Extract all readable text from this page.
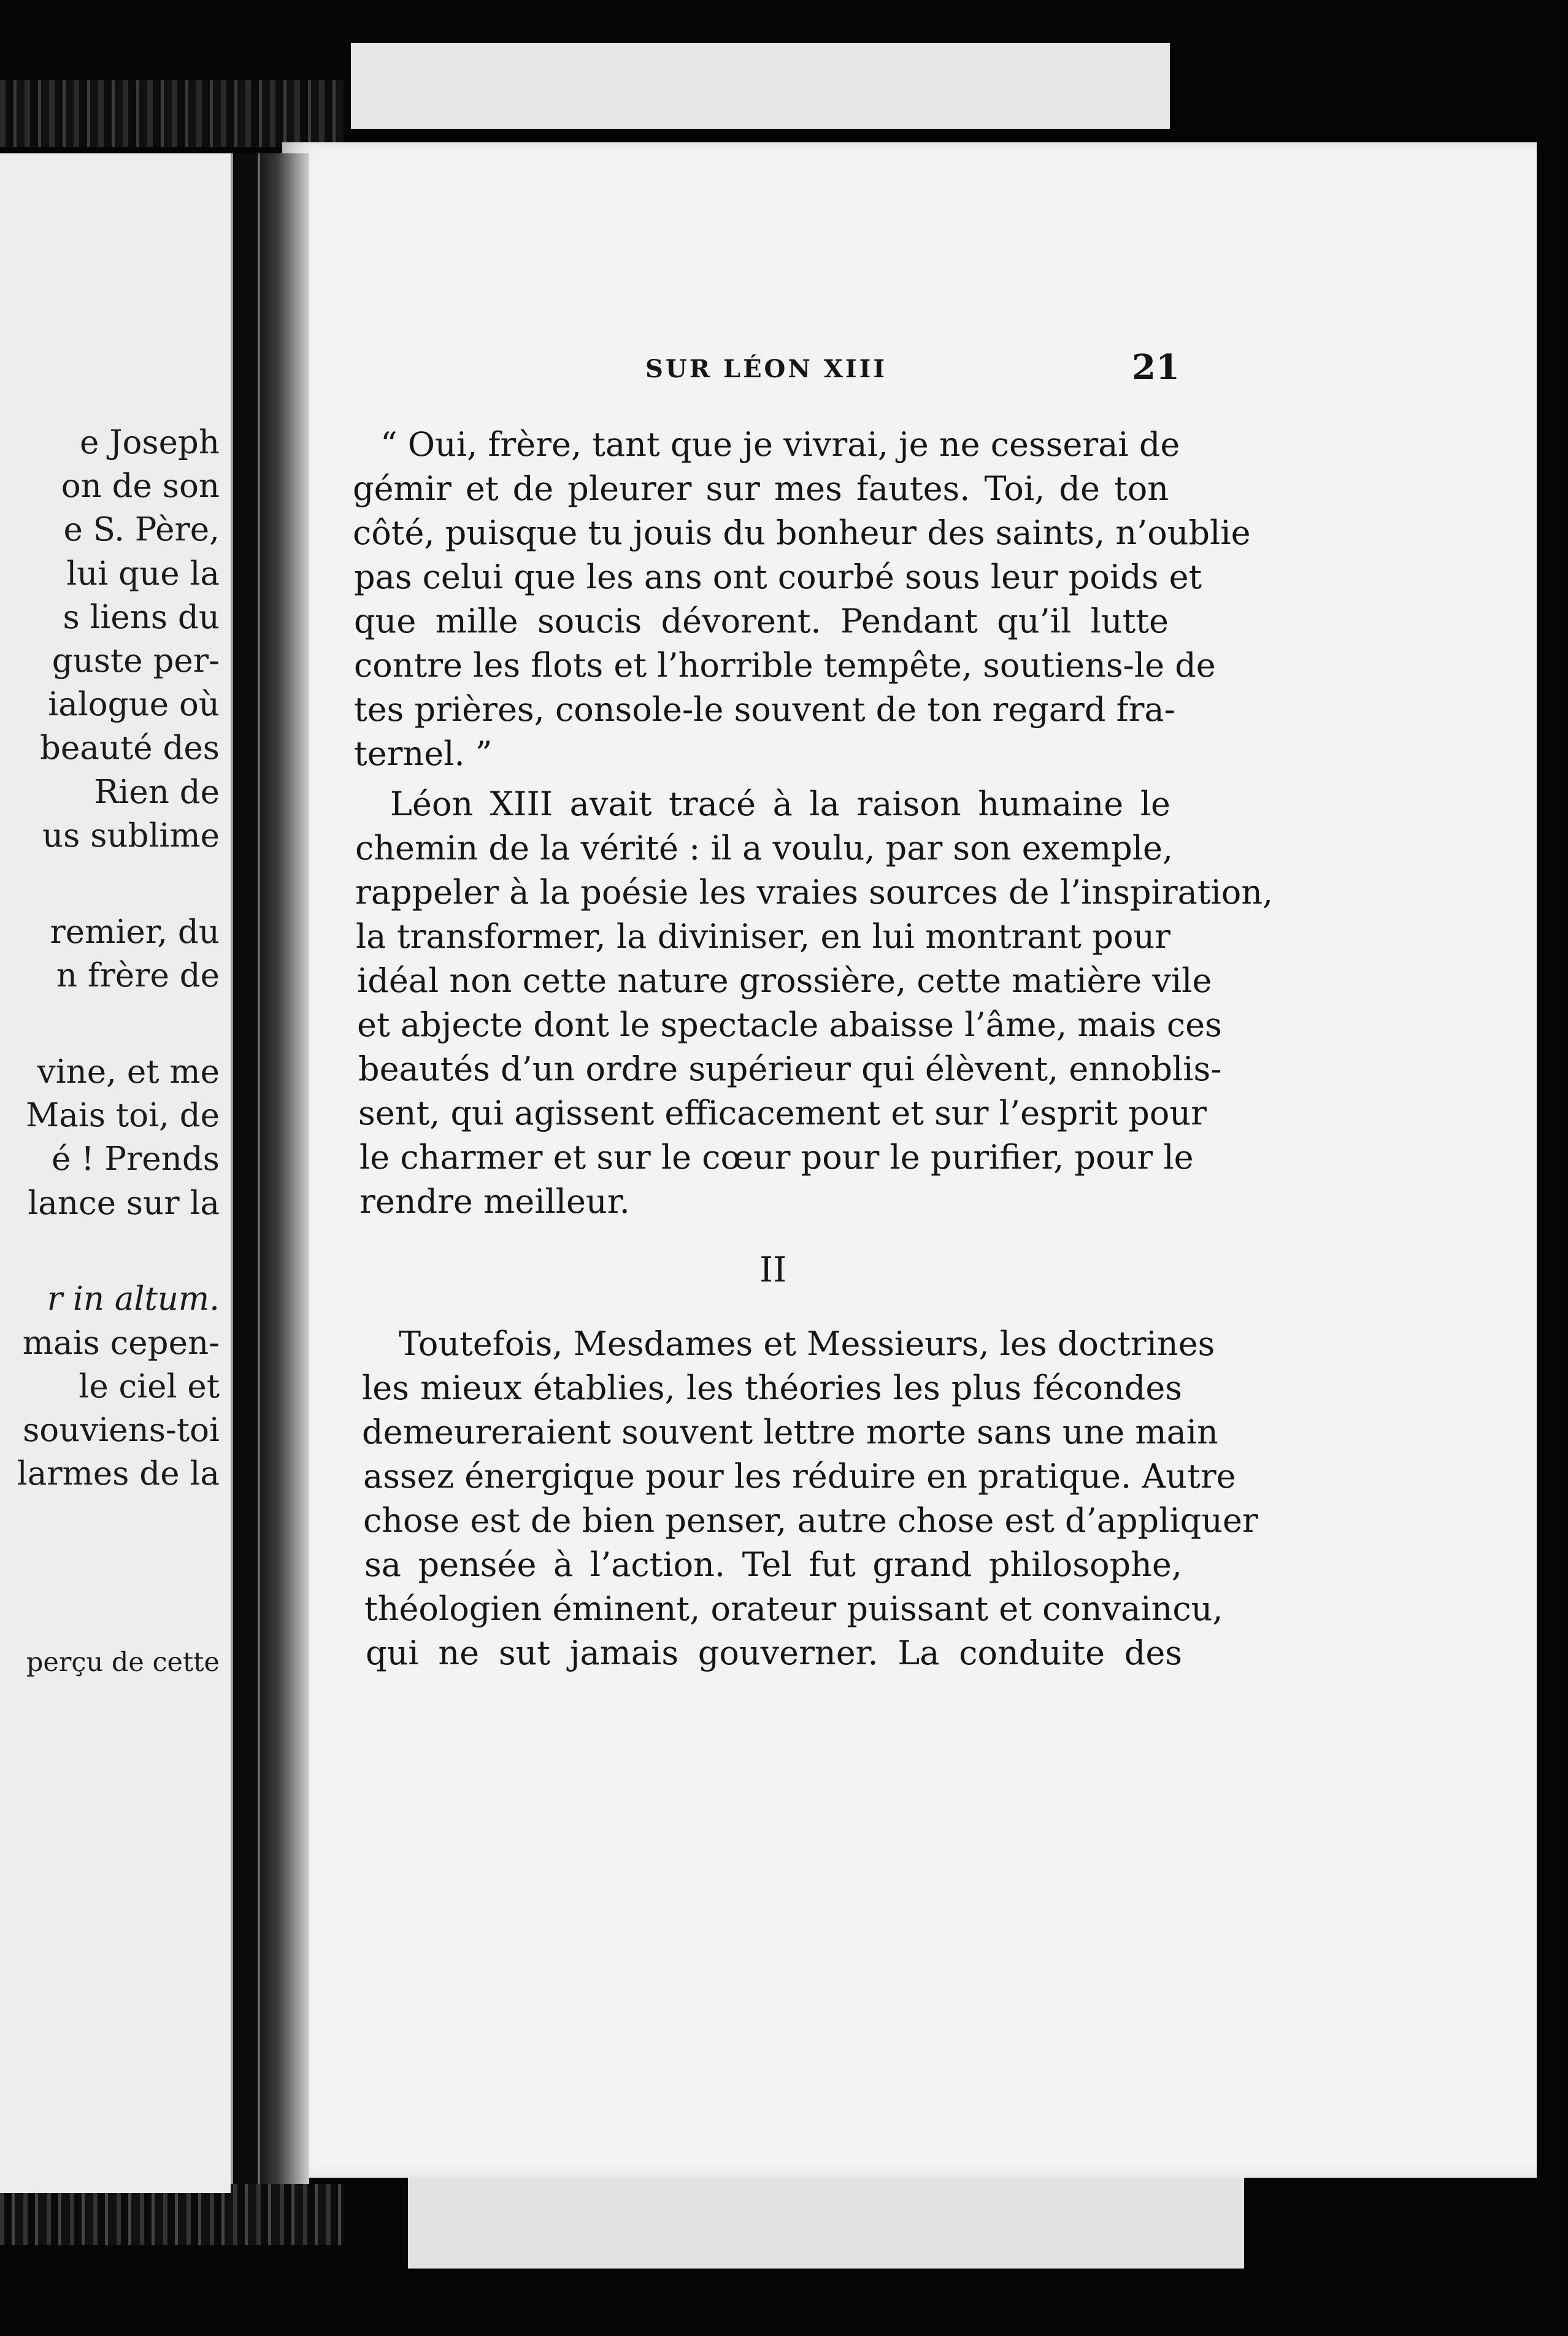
e Joseph
on de son
e S. Père,
lui que la
s liens du
guste per-
ialogue où
beauté des
Rien de
us sublime
remier, du
n frère de
vine, et me
Mais toi, de
é ! Prends
lance sur la
r in altum.
mais cepen-
le ciel et
souviens-toi
larmes de la
perçu de cette
SUR LÉON XIII	21
“ Oui, frère, tant que je vivrai, je ne cesserai de
gémir et de pleurer sur mes fautes. Toi, de ton
côté, puisque tu jouis du bonheur des saints, n’oublie
pas celui que les ans ont courbé sous leur poids et
que mille soucis dévorent. Pendant qu’il lutte
contre les flots et l’horrible tempête, soutiens-le de
tes prières, console-le souvent de ton regard fra-
ternel. ”
Léon XIII avait tracé à la raison humaine le
chemin de la vérité : il a voulu, par son exemple,
rappeler à la poésie les vraies sources de l’inspiration,
la transformer, la diviniser, en lui montrant pour
idéal non cette nature grossière, cette matière vile
et abjecte dont le spectacle abaisse l’âme, mais ces
beautés d’un ordre supérieur qui élèvent, ennoblis-
sent, qui agissent efficacement et sur l’esprit pour
le charmer et sur le cœur pour le purifier, pour le
rendre meilleur.
II
Toutefois, Mesdames et Messieurs, les doctrines
les mieux établies, les théories les plus fécondes
demeureraient souvent lettre morte sans une main
assez énergique pour les réduire en pratique. Autre
chose est de bien penser, autre chose est d’appliquer
sa pensée à l’action. Tel fut grand philosophe,
théologien éminent, orateur puissant et convaincu,
qui ne sut jamais gouverner. La conduite des
